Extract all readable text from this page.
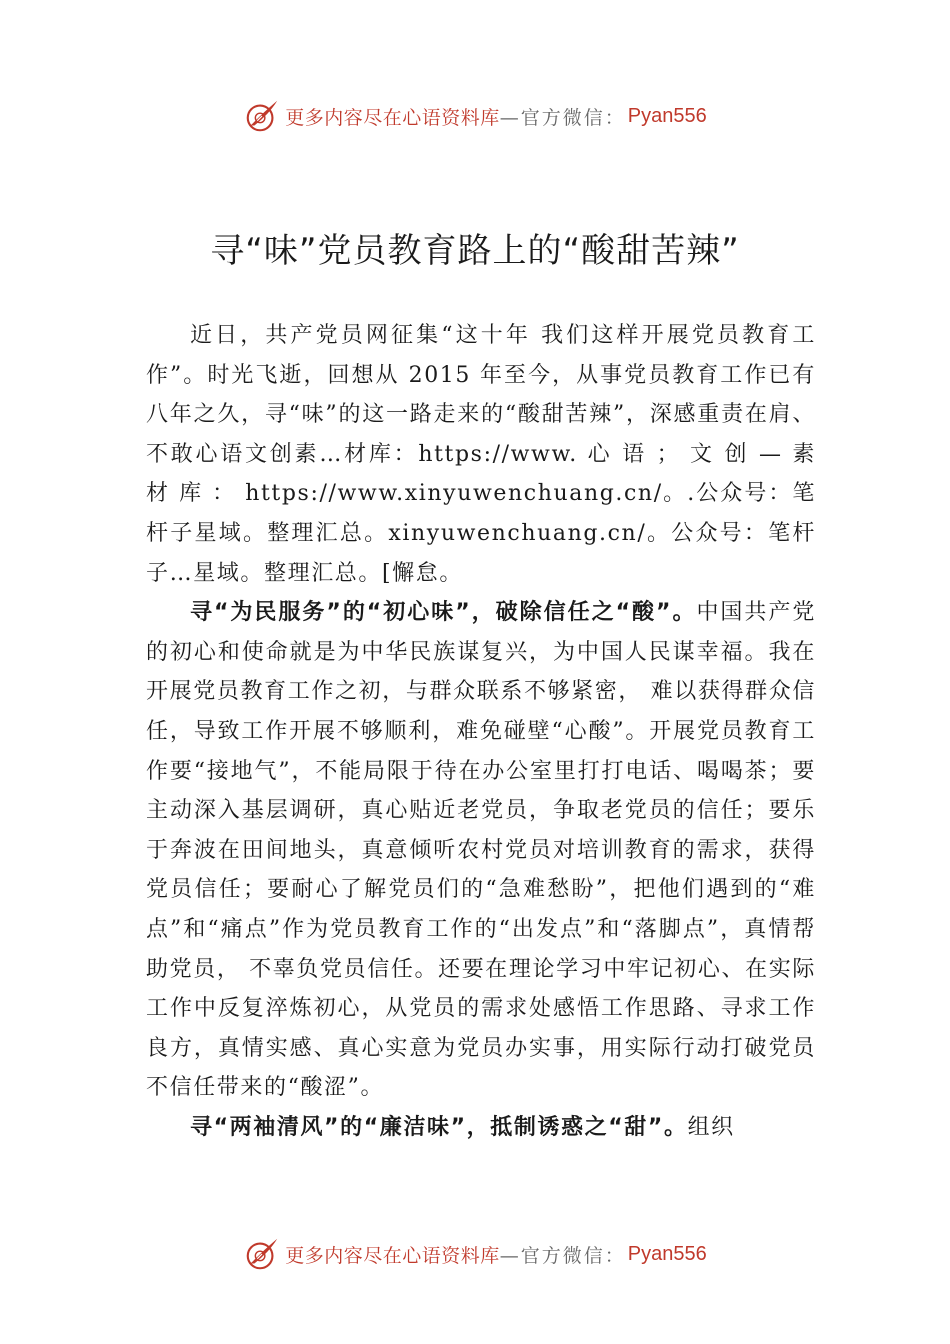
更多内容尽在心语资料库 —官方微信： Pyan556
寻“味”党员教育路上的“酸甜苦辣”

近日，共产党员网征集“这十年 我们这样开展党员教育工作”。时光飞逝，回想从 2015 年至今，从事党员教育工作已有八年之久，寻“味”的这一路走来的“酸甜苦辣”，深感重责在肩、不敢心语文创素…材库：https://www. 心 语 ； 文 创 — 素 材 库 ： https://www.xinyuwenchuang.cn/。.公众号：笔杆子星域。整理汇总。xinyuwenchuang.cn/。公众号：笔杆子…星域。整理汇总。[懈怠。

寻“为民服务”的“初心味”，破除信任之“酸”。中国共产党的初心和使命就是为中华民族谋复兴，为中国人民谋幸福。我在开展党员教育工作之初，与群众联系不够紧密， 难以获得群众信任，导致工作开展不够顺利，难免碰壁“心酸”。开展党员教育工作要“接地气”，不能局限于待在办公室里打打电话、喝喝茶；要主动深入基层调研，真心贴近老党员，争取老党员的信任；要乐于奔波在田间地头，真意倾听农村党员对培训教育的需求，获得党员信任；要耐心了解党员们的“急难愁盼”，把他们遇到的“难点”和“痛点”作为党员教育工作的“出发点”和“落脚点”，真情帮助党员， 不辜负党员信任。还要在理论学习中牢记初心、在实际工作中反复淬炼初心，从党员的需求处感悟工作思路、寻求工作良方，真情实感、真心实意为党员办实事，用实际行动打破党员不信任带来的“酸涩”。

寻“两袖清风”的“廉洁味”，抵制诱惑之“甜”。组织

更多内容尽在心语资料库 —官方微信： Pyan556
